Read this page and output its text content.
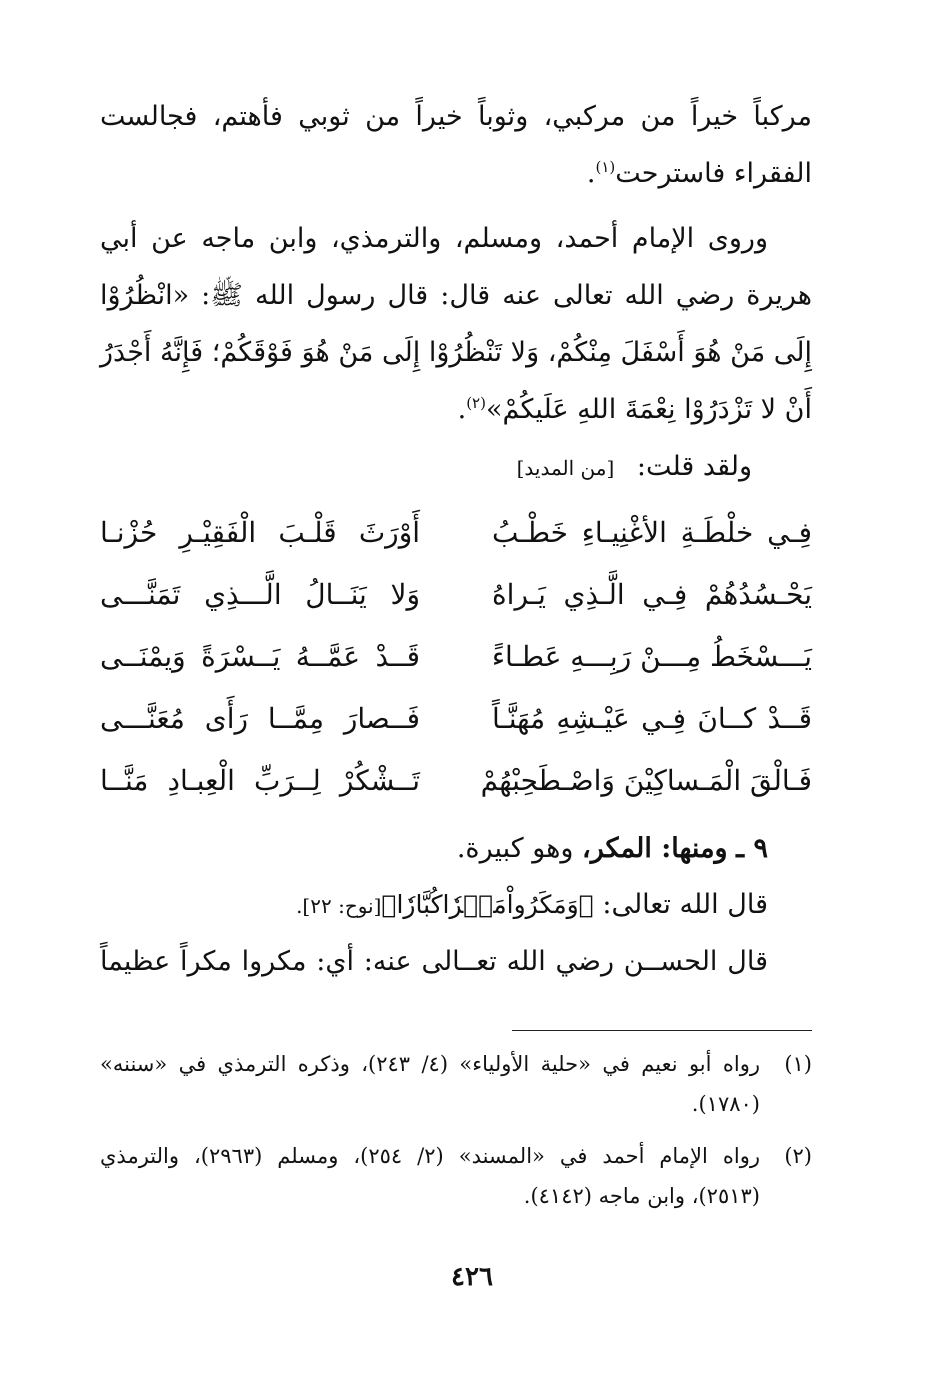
مركباً خيراً من مركبي، وثوباً خيراً من ثوبي فأهتم، فجالست الفقراء فاسترحت$^{(١)}$.

وروى الإمام أحمد، ومسلم، والترمذي، وابن ماجه عن أبي هريرة رضي الله تعالى عنه قال: قال رسول الله ﷺ: «انْظُرُوْا إِلَى مَنْ هُوَ أَسْفَلَ مِنْكُمْ، وَلا تَنْظُرُوْا إِلَى مَنْ هُوَ فَوْقَكُمْ؛ فَإِنَّهُ أَجْدَرُ أَنْ لا تَزْدَرُوْا نِعْمَةَ اللهِ عَلَيكُمْ»$^{(٢)}$.

ولقد قلت: [من المديد]
فِـي خلْطَـةِ الأغْنِيـاءِ خَطْـبُ
أَوْرَثَ قَلْـبَ الْفَقِيْـرِ حُزْنـا
يَحْـسُدُهُمْ فِـي الَّـذِي يَـراهُ
وَلا يَنَــالُ الَّـــذِي تَمَنَّـــى
يَـــسْخَطُ مِـــنْ رَبِـــهِ عَطـاءً
قَــدْ عَمَّــهُ يَــسْرَةً وَيمْنَــى
قَــدْ كــانَ فِـي عَيْـشِهِ مُهَنَّـاً
فَــصارَ مِمَّــا رَأَى مُعَنَّـــى
فَـالْقَ الْمَـساكِيْنَ وَاصْـطَحِبْهُمْ
تَــشْكُرْ لِــرَبِّ الْعِبـادِ مَنَّــا
٩ ـ ومنها: المكر، وهو كبيرة.
قال الله تعالى: ﴿وَمَكَرُواْمَكۡرٗاكُبَّارٗا﴾[نوح: ٢٢].
قال الحســن رضي الله تعــالى عنه: أي: مكروا مكراً عظيماً
(١)
رواه أبو نعيم في «حلية الأولياء» (٤/ ٢٤٣)، وذكره الترمذي في «سننه» (١٧٨٠).
(٢)
رواه الإمام أحمد في «المسند» (٢/ ٢٥٤)، ومسلم (٢٩٦٣)، والترمذي (٢٥١٣)، وابن ماجه (٤١٤٢).
٤٢٦
